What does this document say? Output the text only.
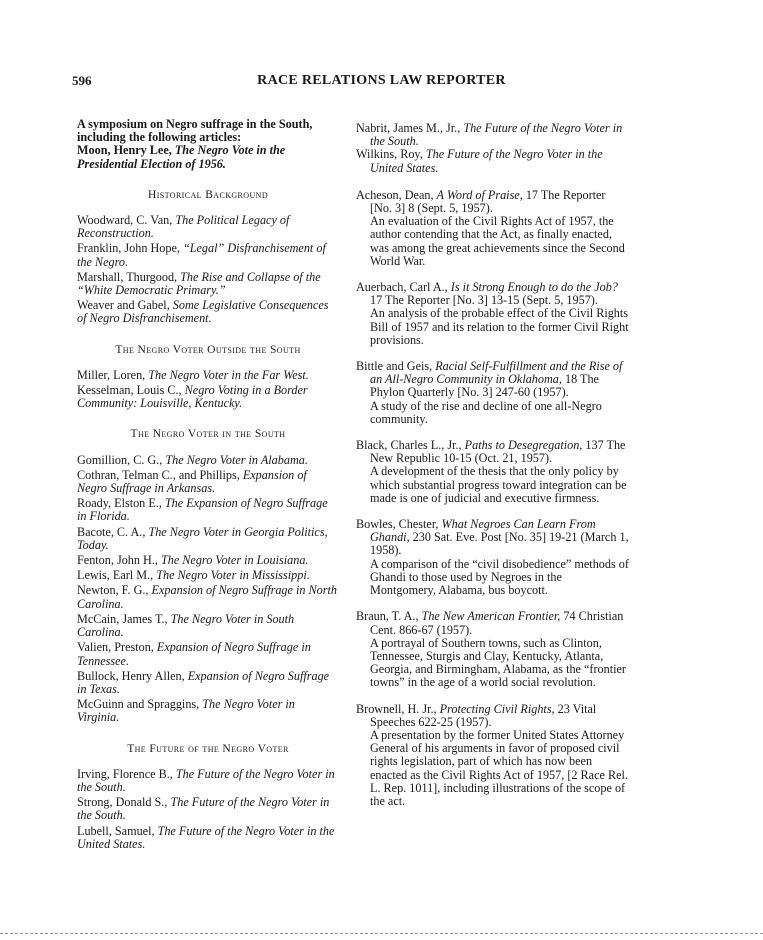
596	RACE RELATIONS LAW REPORTER
A symposium on Negro suffrage in the South, including the following articles:
Moon, Henry Lee, The Negro Vote in the Presidential Election of 1956.
Historical Background
Woodward, C. Van, The Political Legacy of Reconstruction.
Franklin, John Hope, “Legal” Disfranchisement of the Negro.
Marshall, Thurgood, The Rise and Collapse of the “White Democratic Primary.”
Weaver and Gabel, Some Legislative Consequences of Negro Disfranchisement.
The Negro Voter Outside the South
Miller, Loren, The Negro Voter in the Far West.
Kesselman, Louis C., Negro Voting in a Border Community: Louisville, Kentucky.
The Negro Voter in the South
Gomillion, C. G., The Negro Voter in Alabama.
Cothran, Telman C., and Phillips, Expansion of Negro Suffrage in Arkansas.
Roady, Elston E., The Expansion of Negro Suffrage in Florida.
Bacote, C. A., The Negro Voter in Georgia Politics, Today.
Fenton, John H., The Negro Voter in Louisiana.
Lewis, Earl M., The Negro Voter in Mississippi.
Newton, F. G., Expansion of Negro Suffrage in North Carolina.
McCain, James T., The Negro Voter in South Carolina.
Valien, Preston, Expansion of Negro Suffrage in Tennessee.
Bullock, Henry Allen, Expansion of Negro Suffrage in Texas.
McGuinn and Spraggins, The Negro Voter in Virginia.
The Future of the Negro Voter
Irving, Florence B., The Future of the Negro Voter in the South.
Strong, Donald S., The Future of the Negro Voter in the South.
Lubell, Samuel, The Future of the Negro Voter in the United States.
Nabrit, James M., Jr., The Future of the Negro Voter in the South.
Wilkins, Roy, The Future of the Negro Voter in the United States.
Acheson, Dean, A Word of Praise, 17 The Reporter [No. 3] 8 (Sept. 5, 1957).
An evaluation of the Civil Rights Act of 1957, the author contending that the Act, as finally enacted, was among the great achievements since the Second World War.
Auerbach, Carl A., Is it Strong Enough to do the Job? 17 The Reporter [No. 3] 13-15 (Sept. 5, 1957).
An analysis of the probable effect of the Civil Rights Bill of 1957 and its relation to the former Civil Right provisions.
Bittle and Geis, Racial Self-Fulfillment and the Rise of an All-Negro Community in Oklahoma, 18 The Phylon Quarterly [No. 3] 247-60 (1957).
A study of the rise and decline of one all-Negro community.
Black, Charles L., Jr., Paths to Desegregation, 137 The New Republic 10-15 (Oct. 21, 1957).
A development of the thesis that the only policy by which substantial progress toward integration can be made is one of judicial and executive firmness.
Bowles, Chester, What Negroes Can Learn From Ghandi, 230 Sat. Eve. Post [No. 35] 19-21 (March 1, 1958).
A comparison of the “civil disobedience” methods of Ghandi to those used by Negroes in the Montgomery, Alabama, bus boycott.
Braun, T. A., The New American Frontier, 74 Christian Cent. 866-67 (1957).
A portrayal of Southern towns, such as Clinton, Tennessee, Sturgis and Clay, Kentucky, Atlanta, Georgia, and Birmingham, Alabama, as the “frontier towns” in the age of a world social revolution.
Brownell, H. Jr., Protecting Civil Rights, 23 Vital Speeches 622-25 (1957).
A presentation by the former United States Attorney General of his arguments in favor of proposed civil rights legislation, part of which has now been enacted as the Civil Rights Act of 1957, [2 Race Rel. L. Rep. 1011], including illustrations of the scope of the act.
